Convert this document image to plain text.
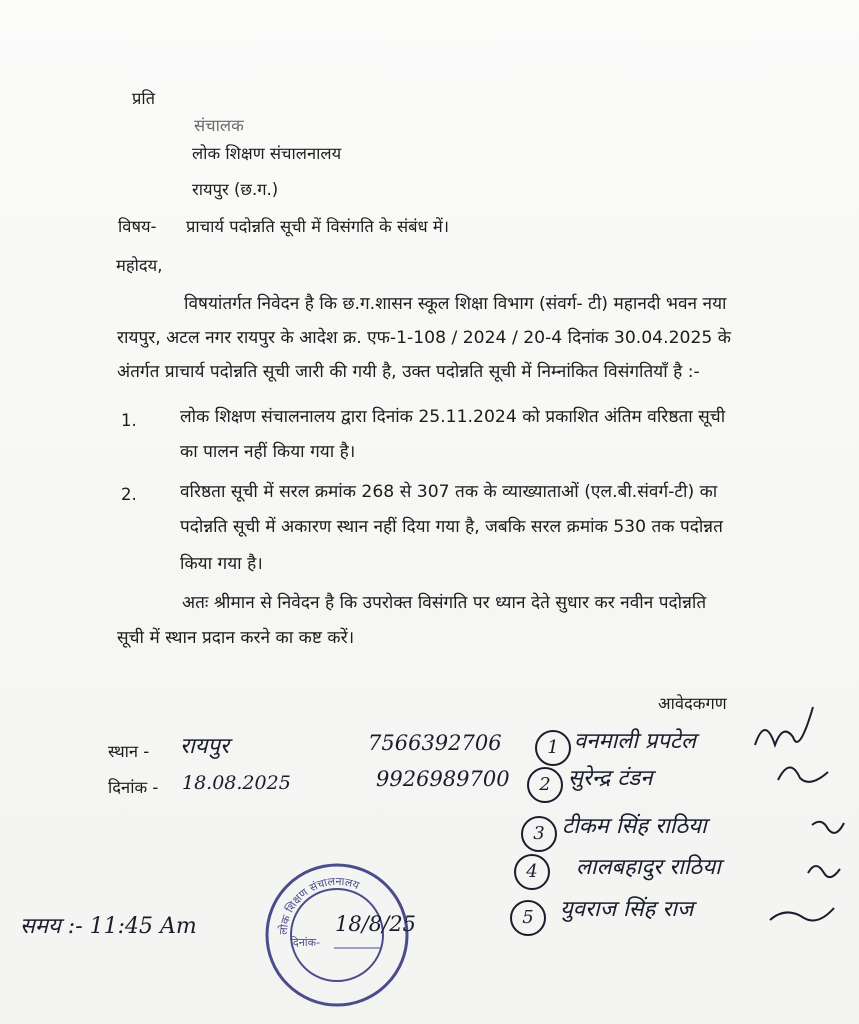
प्रति
संचालक
लोक शिक्षण संचालनालय
रायपुर (छ.ग.)
विषय- प्राचार्य पदोन्नति सूची में विसंगति के संबंध में।
महोदय,
विषयांतर्गत निवेदन है कि छ.ग.शासन स्कूल शिक्षा विभाग (संवर्ग- टी) महानदी भवन नया
रायपुर, अटल नगर रायपुर के आदेश क्र. एफ-1-108 / 2024 / 20-4 दिनांक 30.04.2025 के
अंतर्गत प्राचार्य पदोन्नति सूची जारी की गयी है, उक्त पदोन्नति सूची में निम्नांकित विसंगतियाँ है :-
1.	लोक शिक्षण संचालनालय द्वारा दिनांक 25.11.2024 को प्रकाशित अंतिम वरिष्ठता सूची
का पालन नहीं किया गया है।
2.	वरिष्ठता सूची में सरल क्रमांक 268 से 307 तक के व्याख्याताओं (एल.बी.संवर्ग-टी) का
पदोन्नति सूची में अकारण स्थान नहीं दिया गया है, जबकि सरल क्रमांक 530 तक पदोन्नत
किया गया है।
अतः श्रीमान से निवेदन है कि उपरोक्त विसंगति पर ध्यान देते सुधार कर नवीन पदोन्नति
सूची में स्थान प्रदान करने का कष्ट करें।
आवेदकगण
स्थान - रायपुर
दिनांक - 18.08.2025
7566392706
9926989700
1 वनमाली प्रपटेल
2 सुरेन्द्र टंडन
3 टीकम सिंह राठिया
4	लालबहादुर राठिया
5	युवराज सिंह राज
समय :- 11:45 Am	लोक शिक्षण संचालनालय
दिनांक-
18/8/25
